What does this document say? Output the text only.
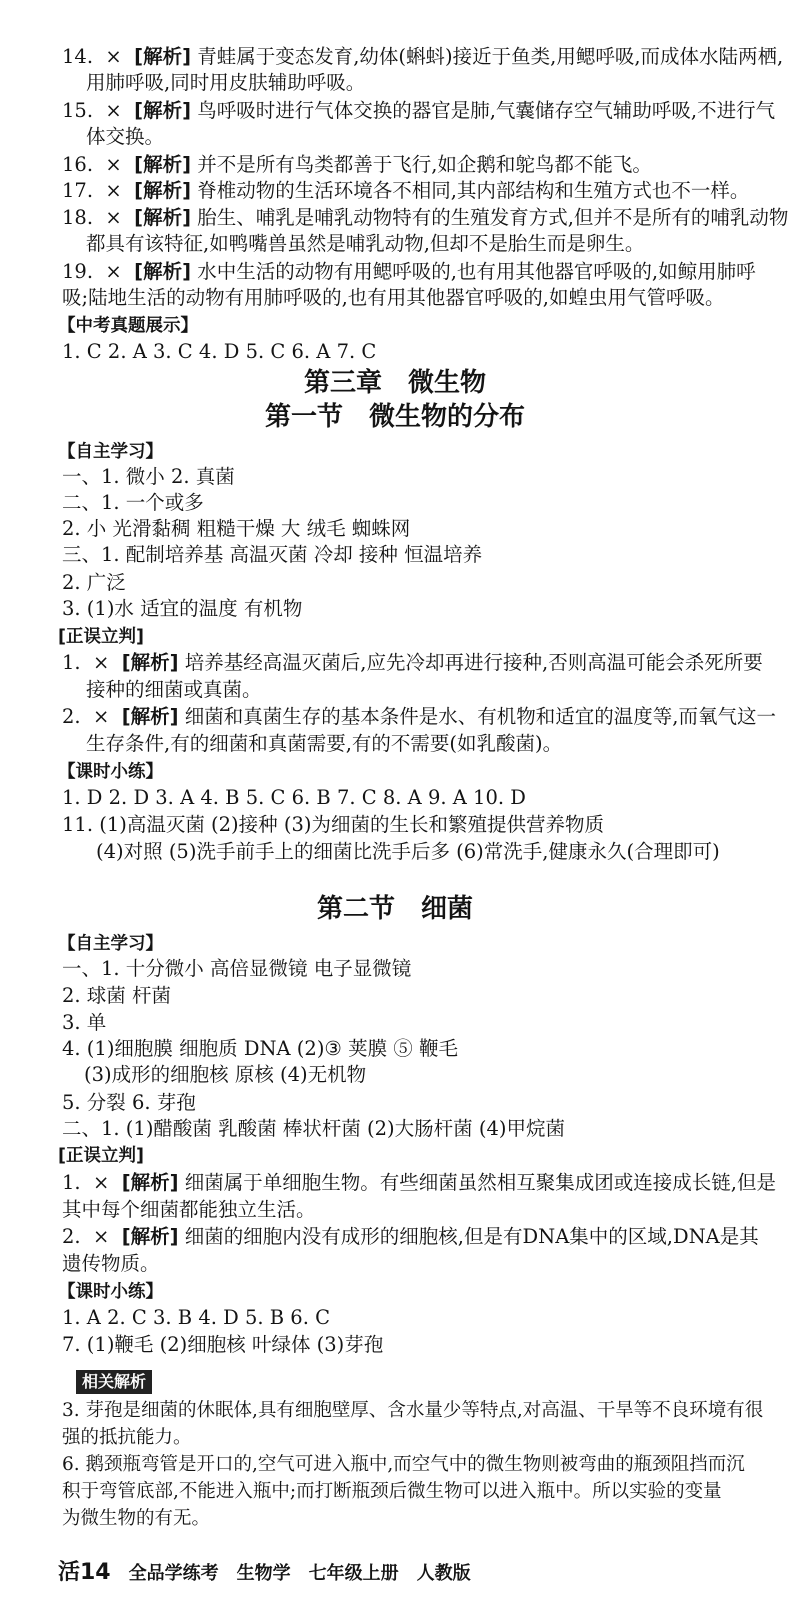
14. × [解析] 青蛙属于变态发育,幼体(蝌蚪)接近于鱼类,用鳃呼吸,而成体水陆两栖,
用肺呼吸,同时用皮肤辅助呼吸。
15. × [解析] 鸟呼吸时进行气体交换的器官是肺,气囊储存空气辅助呼吸,不进行气
体交换。
16. × [解析] 并不是所有鸟类都善于飞行,如企鹅和鸵鸟都不能飞。
17. × [解析] 脊椎动物的生活环境各不相同,其内部结构和生殖方式也不一样。
18. × [解析] 胎生、哺乳是哺乳动物特有的生殖发育方式,但并不是所有的哺乳动物
都具有该特征,如鸭嘴兽虽然是哺乳动物,但却不是胎生而是卵生。
19. × [解析] 水中生活的动物有用鳃呼吸的,也有用其他器官呼吸的,如鲸用肺呼
吸;陆地生活的动物有用肺呼吸的,也有用其他器官呼吸的,如蝗虫用气管呼吸。
【中考真题展示】
1. C 2. A 3. C 4. D 5. C 6. A 7. C
第三章　微生物
第一节　微生物的分布
【自主学习】
一、1. 微小 2. 真菌
二、1. 一个或多
2. 小 光滑黏稠 粗糙干燥 大 绒毛 蜘蛛网
三、1. 配制培养基 高温灭菌 冷却 接种 恒温培养
2. 广泛
3. (1)水 适宜的温度 有机物
[正误立判]
1. × [解析] 培养基经高温灭菌后,应先冷却再进行接种,否则高温可能会杀死所要
接种的细菌或真菌。
2. × [解析] 细菌和真菌生存的基本条件是水、有机物和适宜的温度等,而氧气这一
生存条件,有的细菌和真菌需要,有的不需要(如乳酸菌)。
【课时小练】
1. D 2. D 3. A 4. B 5. C 6. B 7. C 8. A 9. A 10. D
11. (1)高温灭菌 (2)接种 (3)为细菌的生长和繁殖提供营养物质
(4)对照 (5)洗手前手上的细菌比洗手后多 (6)常洗手,健康永久(合理即可)
第二节　细菌
【自主学习】
一、1. 十分微小 高倍显微镜 电子显微镜
2. 球菌 杆菌
3. 单
4. (1)细胞膜 细胞质 DNA (2)③ 荚膜 ⑤ 鞭毛
(3)成形的细胞核 原核 (4)无机物
5. 分裂 6. 芽孢
二、1. (1)醋酸菌 乳酸菌 棒状杆菌 (2)大肠杆菌 (4)甲烷菌
[正误立判]
1. × [解析] 细菌属于单细胞生物。有些细菌虽然相互聚集成团或连接成长链,但是
其中每个细菌都能独立生活。
2. × [解析] 细菌的细胞内没有成形的细胞核,但是有DNA集中的区域,DNA是其
遗传物质。
【课时小练】
1. A 2. C 3. B 4. D 5. B 6. C
7. (1)鞭毛 (2)细胞核 叶绿体 (3)芽孢
相关解析
3. 芽孢是细菌的休眠体,具有细胞壁厚、含水量少等特点,对高温、干旱等不良环境有很
强的抵抗能力。
6. 鹅颈瓶弯管是开口的,空气可进入瓶中,而空气中的微生物则被弯曲的瓶颈阻挡而沉
积于弯管底部,不能进入瓶中;而打断瓶颈后微生物可以进入瓶中。所以实验的变量
为微生物的有无。
活14 全品学练考 生物学 七年级上册 人教版
